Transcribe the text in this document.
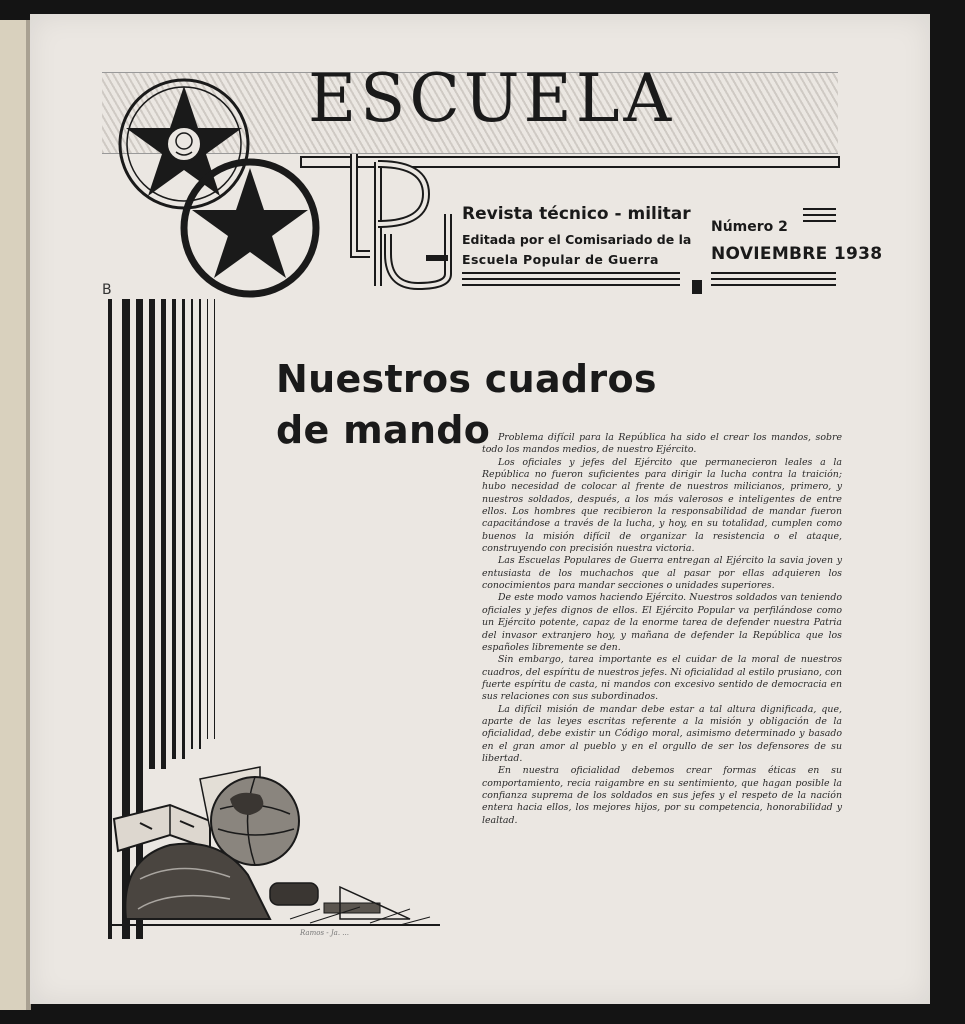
ESCUELA
Revista técnico - militar
Editada por el Comisariado de la
Escuela Popular de Guerra
Número 2
NOVIEMBRE 1938
B
Ramos - Ja. ...
Nuestros cuadros
de mando Problema difícil para la República ha sido el crear los mandos, sobre todo los mandos medios, de nuestro Ejército.

Los oficiales y jefes del Ejército que permanecieron leales a la República no fueron suficientes para dirigir la lucha contra la traición; hubo necesidad de colocar al frente de nuestros milicianos, primero, y nuestros soldados, después, a los más valerosos e inteligentes de entre ellos. Los hombres que recibieron la responsabilidad de mandar fueron capacitándose a través de la lucha, y hoy, en su totalidad, cumplen como buenos la misión difícil de organizar la resistencia o el ataque, construyendo con precisión nuestra victoria.

Las Escuelas Populares de Guerra entregan al Ejército la savia joven y entusiasta de los muchachos que al pasar por ellas adquieren los conocimientos para mandar secciones o unidades superiores.

De este modo vamos haciendo Ejército. Nuestros soldados van teniendo oficiales y jefes dignos de ellos. El Ejército Popular va perfilándose como un Ejército potente, capaz de la enorme tarea de defender nuestra Patria del invasor extranjero hoy, y mañana de defender la República que los españoles libremente se den.

Sin embargo, tarea importante es el cuidar de la moral de nuestros cuadros, del espíritu de nuestros jefes. Ni oficialidad al estilo prusiano, con fuerte espíritu de casta, ni mandos con excesivo sentido de democracia en sus relaciones con sus subordinados.

La difícil misión de mandar debe estar a tal altura dignificada, que, aparte de las leyes escritas referente a la misión y obligación de la oficialidad, debe existir un Código moral, asimismo determinado y basado en el gran amor al pueblo y en el orgullo de ser los defensores de su libertad.

En nuestra oficialidad debemos crear formas éticas en su comportamiento, recia raigambre en su sentimiento, que hagan posible la confianza suprema de los soldados en sus jefes y el respeto de la nación entera hacia ellos, los mejores hijos, por su competencia, honorabilidad y lealtad.
